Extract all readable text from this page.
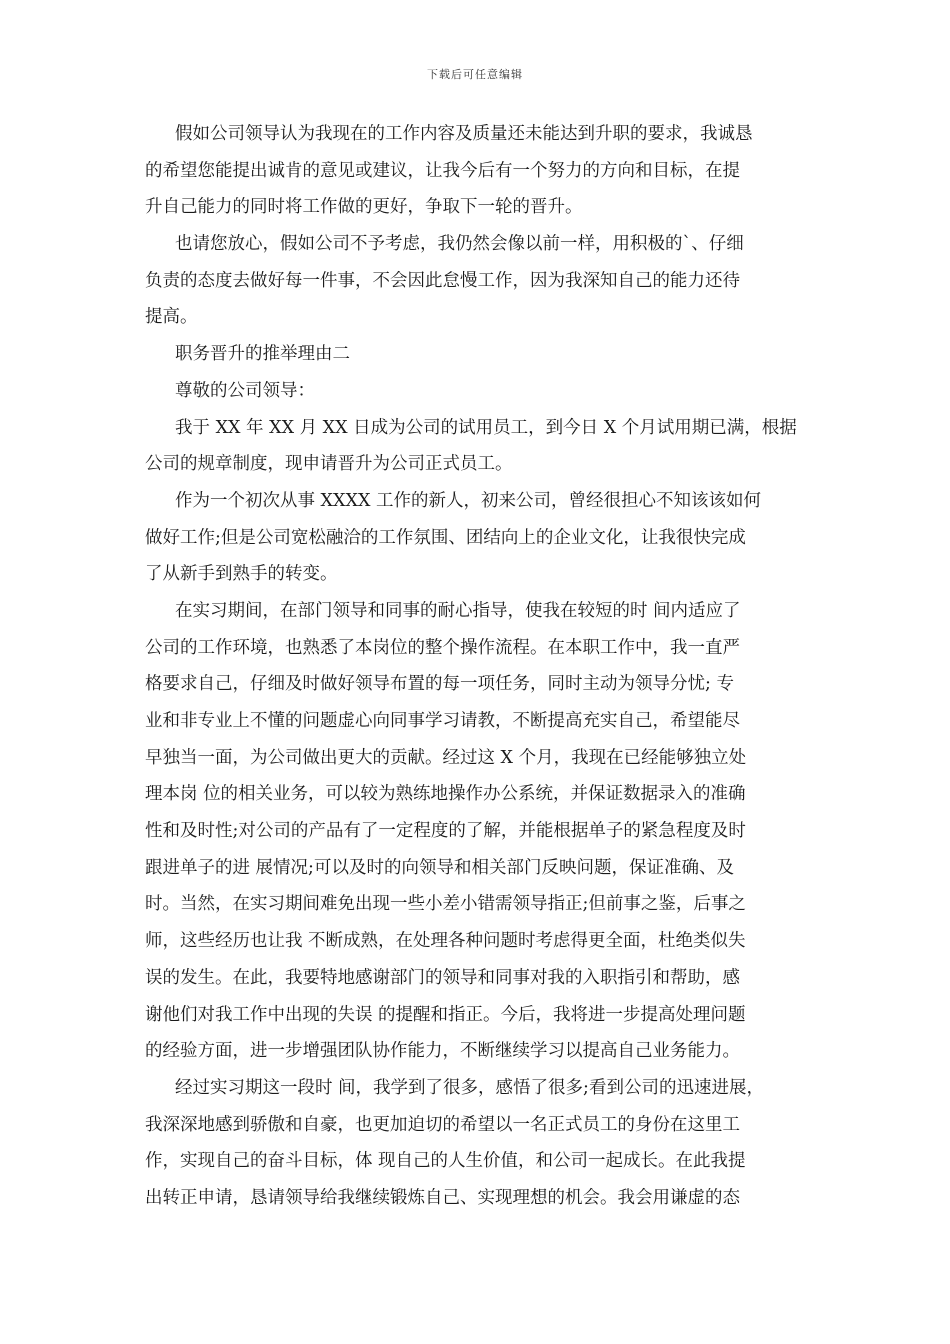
下载后可任意编辑
假如公司领导认为我现在的工作内容及质量还未能达到升职的要求，我诚恳
的希望您能提出诚肯的意见或建议，让我今后有一个努力的方向和目标，在提
升自己能力的同时将工作做的更好，争取下一轮的晋升。
也请您放心，假如公司不予考虑，我仍然会像以前一样，用积极的`、仔细
负责的态度去做好每一件事，不会因此怠慢工作，因为我深知自己的能力还待
提高。
职务晋升的推举理由二
尊敬的公司领导：
我于 XX 年 XX 月 XX 日成为公司的试用员工，到今日 X 个月试用期已满，根据
公司的规章制度，现申请晋升为公司正式员工。
作为一个初次从事 XXXX 工作的新人，初来公司，曾经很担心不知该该如何
做好工作;但是公司宽松融洽的工作氛围、团结向上的企业文化，让我很快完成
了从新手到熟手的转变。
在实习期间，在部门领导和同事的耐心指导，使我在较短的时 间内适应了
公司的工作环境，也熟悉了本岗位的整个操作流程。在本职工作中，我一直严
格要求自己，仔细及时做好领导布置的每一项任务，同时主动为领导分忧; 专
业和非专业上不懂的问题虚心向同事学习请教，不断提高充实自己，希望能尽
早独当一面，为公司做出更大的贡献。经过这 X 个月，我现在已经能够独立处
理本岗 位的相关业务，可以较为熟练地操作办公系统，并保证数据录入的准确
性和及时性;对公司的产品有了一定程度的了解，并能根据单子的紧急程度及时
跟进单子的进 展情况;可以及时的向领导和相关部门反映问题，保证准确、及
时。当然，在实习期间难免出现一些小差小错需领导指正;但前事之鉴，后事之
师，这些经历也让我 不断成熟，在处理各种问题时考虑得更全面，杜绝类似失
误的发生。在此，我要特地感谢部门的领导和同事对我的入职指引和帮助，感
谢他们对我工作中出现的失误 的提醒和指正。今后，我将进一步提高处理问题
的经验方面，进一步增强团队协作能力，不断继续学习以提高自己业务能力。
经过实习期这一段时 间，我学到了很多，感悟了很多;看到公司的迅速进展，
我深深地感到骄傲和自豪，也更加迫切的希望以一名正式员工的身份在这里工
作，实现自己的奋斗目标，体 现自己的人生价值，和公司一起成长。在此我提
出转正申请，恳请领导给我继续锻炼自己、实现理想的机会。我会用谦虚的态
